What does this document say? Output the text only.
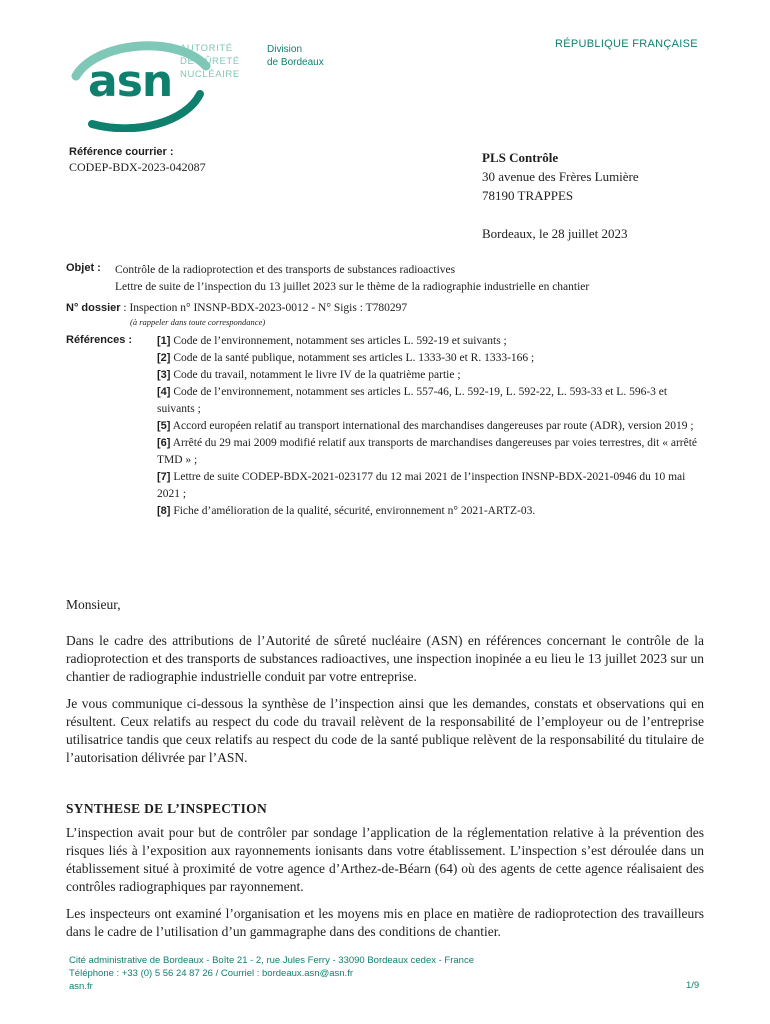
asn
AUTORITÉ
DE SÛRETÉ
NUCLÉAIRE
Division
de Bordeaux
RÉPUBLIQUE FRANÇAISE
Référence courrier :
CODEP-BDX-2023-042087
PLS Contrôle
30 avenue des Frères Lumière
78190 TRAPPES
Bordeaux, le 28 juillet 2023
Objet : Contrôle de la radioprotection et des transports de substances radioactives
Lettre de suite de l’inspection du 13 juillet 2023 sur le thème de la radiographie industrielle en chantier
N° dossier : Inspection n° INSNP-BDX-2023-0012 - N° Sigis : T780297
(à rappeler dans toute correspondance)
Références : [1] Code de l’environnement, notamment ses articles L. 592-19 et suivants ;
[2] Code de la santé publique, notamment ses articles L. 1333-30 et R. 1333-166 ;
[3] Code du travail, notamment le livre IV de la quatrième partie ;
[4] Code de l’environnement, notamment ses articles L. 557-46, L. 592-19, L. 592-22, L. 593-33 et L. 596-3 et suivants ;
[5] Accord européen relatif au transport international des marchandises dangereuses par route (ADR), version 2019 ;
[6] Arrêté du 29 mai 2009 modifié relatif aux transports de marchandises dangereuses par voies terrestres, dit « arrêté TMD » ;
[7] Lettre de suite CODEP-BDX-2021-023177 du 12 mai 2021 de l’inspection INSNP-BDX-2021-0946 du 10 mai 2021 ;
[8] Fiche d’amélioration de la qualité, sécurité, environnement n° 2021-ARTZ-03.
Monsieur,
Dans le cadre des attributions de l’Autorité de sûreté nucléaire (ASN) en références concernant le contrôle de la radioprotection et des transports de substances radioactives, une inspection inopinée a eu lieu le 13 juillet 2023 sur un chantier de radiographie industrielle conduit par votre entreprise.
Je vous communique ci-dessous la synthèse de l’inspection ainsi que les demandes, constats et observations qui en résultent. Ceux relatifs au respect du code du travail relèvent de la responsabilité de l’employeur ou de l’entreprise utilisatrice tandis que ceux relatifs au respect du code de la santé publique relèvent de la responsabilité du titulaire de l’autorisation délivrée par l’ASN.
SYNTHESE DE L’INSPECTION
L’inspection avait pour but de contrôler par sondage l’application de la réglementation relative à la prévention des risques liés à l’exposition aux rayonnements ionisants dans votre établissement. L’inspection s’est déroulée dans un établissement situé à proximité de votre agence d’Arthez-de-Béarn (64) où des agents de cette agence réalisaient des contrôles radiographiques par rayonnement.
Les inspecteurs ont examiné l’organisation et les moyens mis en place en matière de radioprotection des travailleurs dans le cadre de l’utilisation d’un gammagraphe dans des conditions de chantier.
Cité administrative de Bordeaux - Boîte 21 - 2, rue Jules Ferry - 33090 Bordeaux cedex - France
Téléphone : +33 (0) 5 56 24 87 26 / Courriel : bordeaux.asn@asn.fr
asn.fr	1/9
